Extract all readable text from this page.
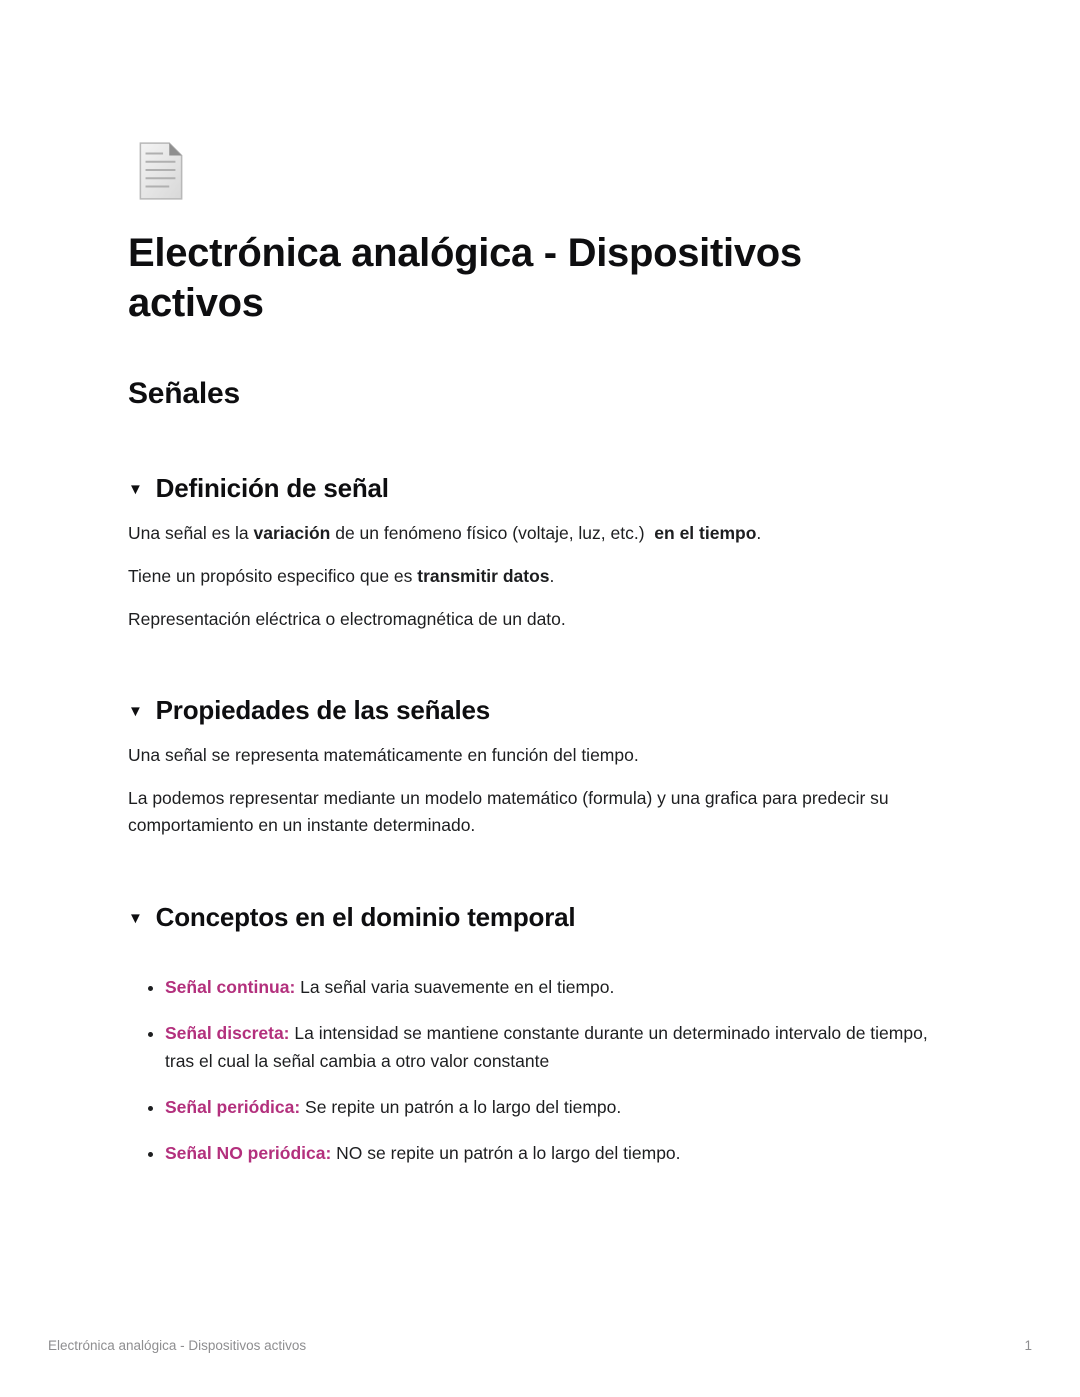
Electrónica analógica - Dispositivos activos
Señales
▼ Definición de señal

Una señal es la variación de un fenómeno físico (voltaje, luz, etc.)  en el tiempo.

Tiene un propósito especifico que es transmitir datos.

Representación eléctrica o electromagnética de un dato.

▼ Propiedades de las señales

Una señal se representa matemáticamente en función del tiempo.

La podemos representar mediante un modelo matemático (formula) y una grafica para predecir su comportamiento en un instante determinado.

▼ Conceptos en el dominio temporal
• Señal continua: La señal varia suavemente en el tiempo.
• Señal discreta: La intensidad se mantiene constante durante un determinado intervalo de tiempo, tras el cual la señal cambia a otro valor constante
• Señal periódica: Se repite un patrón a lo largo del tiempo.
• Señal NO periódica: NO se repite un patrón a lo largo del tiempo.
Electrónica analógica - Dispositivos activos	1
